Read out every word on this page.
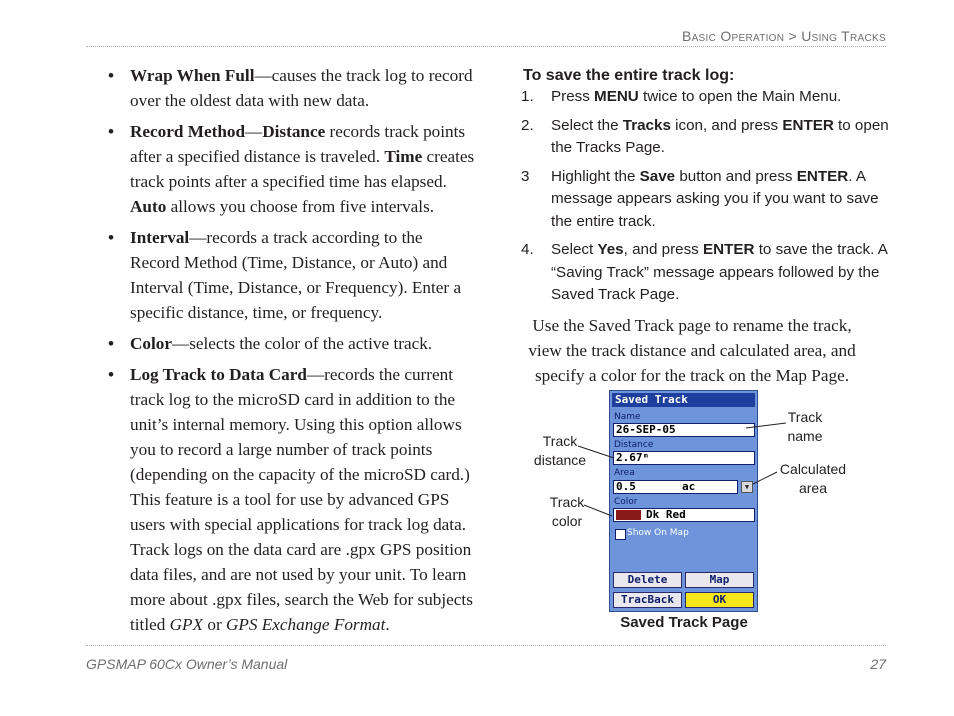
Basic Operation > Using Tracks
• Wrap When Full—causes the track log to record over the oldest data with new data.
• Record Method—Distance records track points after a specified distance is traveled. Time creates track points after a specified time has elapsed. Auto allows you choose from five intervals.
• Interval—records a track according to the Record Method (Time, Distance, or Auto) and Interval (Time, Distance, or Frequency). Enter a specific distance, time, or frequency.
• Color—selects the color of the active track.
• Log Track to Data Card—records the current track log to the microSD card in addition to the unit’s internal memory. Using this option allows you to record a large number of track points (depending on the capacity of the microSD card.) This feature is a tool for use by advanced GPS users with special applications for track log data. Track logs on the data card are .gpx GPS position data files, and are not used by your unit. To learn more about .gpx files, search the Web for subjects titled GPX or GPS Exchange Format.
To save the entire track log:
1. Press MENU twice to open the Main Menu.
2. Select the Tracks icon, and press ENTER to open the Tracks Page.
3 Highlight the Save button and press ENTER. A message appears asking you if you want to save the entire track.
4. Select Yes, and press ENTER to save the track. A “Saving Track” message appears followed by the Saved Track Page.
Use the Saved Track page to rename the track, view the track distance and calculated area, and specify a color for the track on the Map Page.
Saved Track
Name
26-SEP-05
Distance
2.67ᵐ
Area
0.5	ac	▼
Color
Dk Red
Show On Map
Delete	Map
TracBack	OK
Track name
Track distance
Calculated area
Track color
Saved Track Page
GPSMAP 60Cx Owner’s Manual	27
